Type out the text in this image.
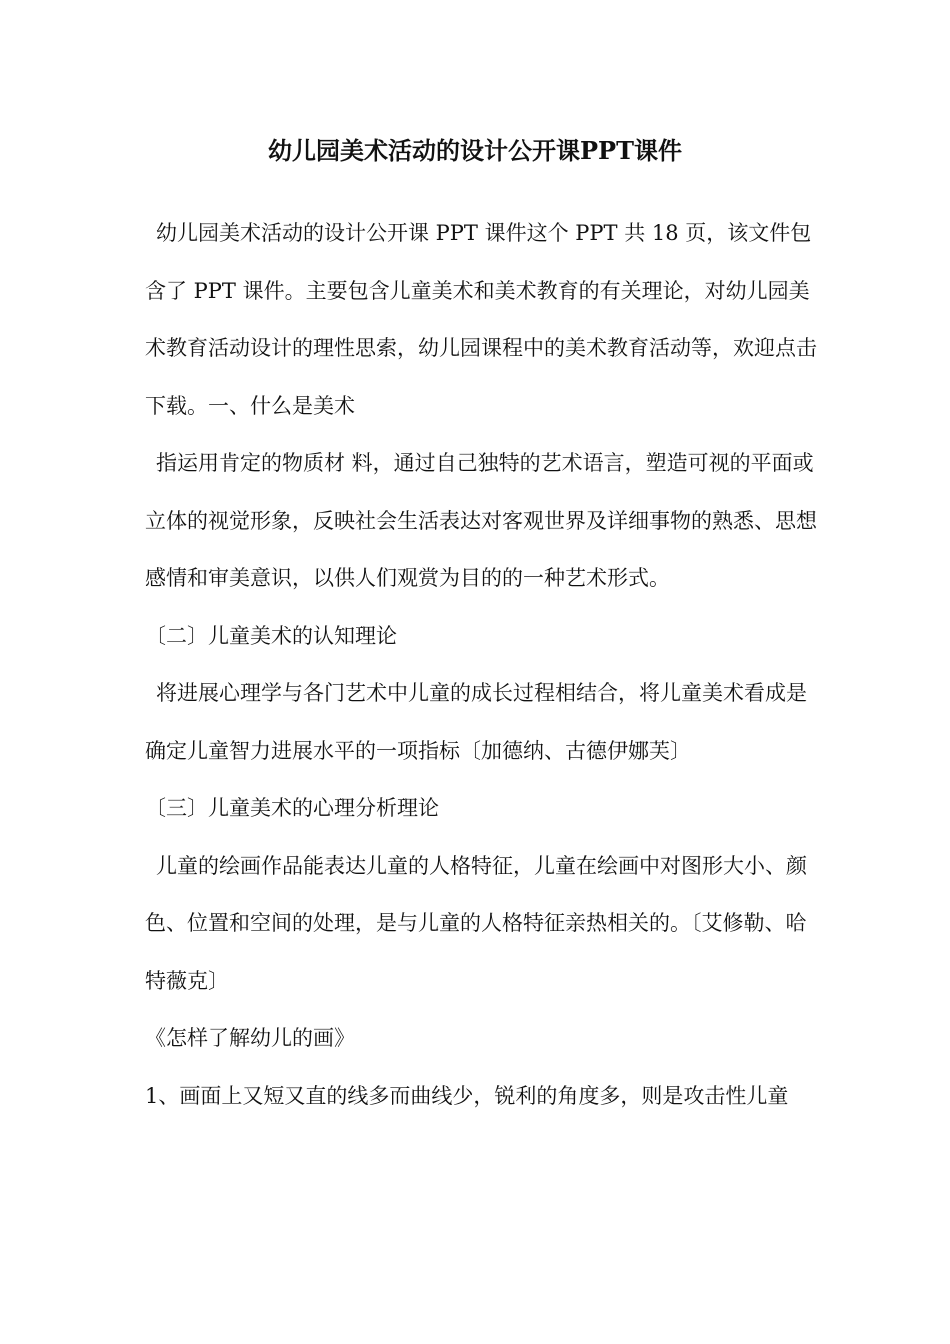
幼儿园美术活动的设计公开课PPT课件

幼儿园美术活动的设计公开课 PPT 课件这个 PPT 共 18 页，该文件包含了 PPT 课件。主要包含儿童美术和美术教育的有关理论，对幼儿园美术教育活动设计的理性思索，幼儿园课程中的美术教育活动等，欢迎点击下载。一、什么是美术

指运用肯定的物质材 料，通过自己独特的艺术语言，塑造可视的平面或立体的视觉形象，反映社会生活表达对客观世界及详细事物的熟悉、思想感情和审美意识，以供人们观赏为目的的一种艺术形式。

〔二〕儿童美术的认知理论

将进展心理学与各门艺术中儿童的成长过程相结合，将儿童美术看成是确定儿童智力进展水平的一项指标〔加德纳、古德伊娜芙〕

〔三〕儿童美术的心理分析理论

儿童的绘画作品能表达儿童的人格特征，儿童在绘画中对图形大小、颜色、位置和空间的处理，是与儿童的人格特征亲热相关的。〔艾修勒、哈特薇克〕

《怎样了解幼儿的画》

1、画面上又短又直的线多而曲线少，锐利的角度多，则是攻击性儿童
